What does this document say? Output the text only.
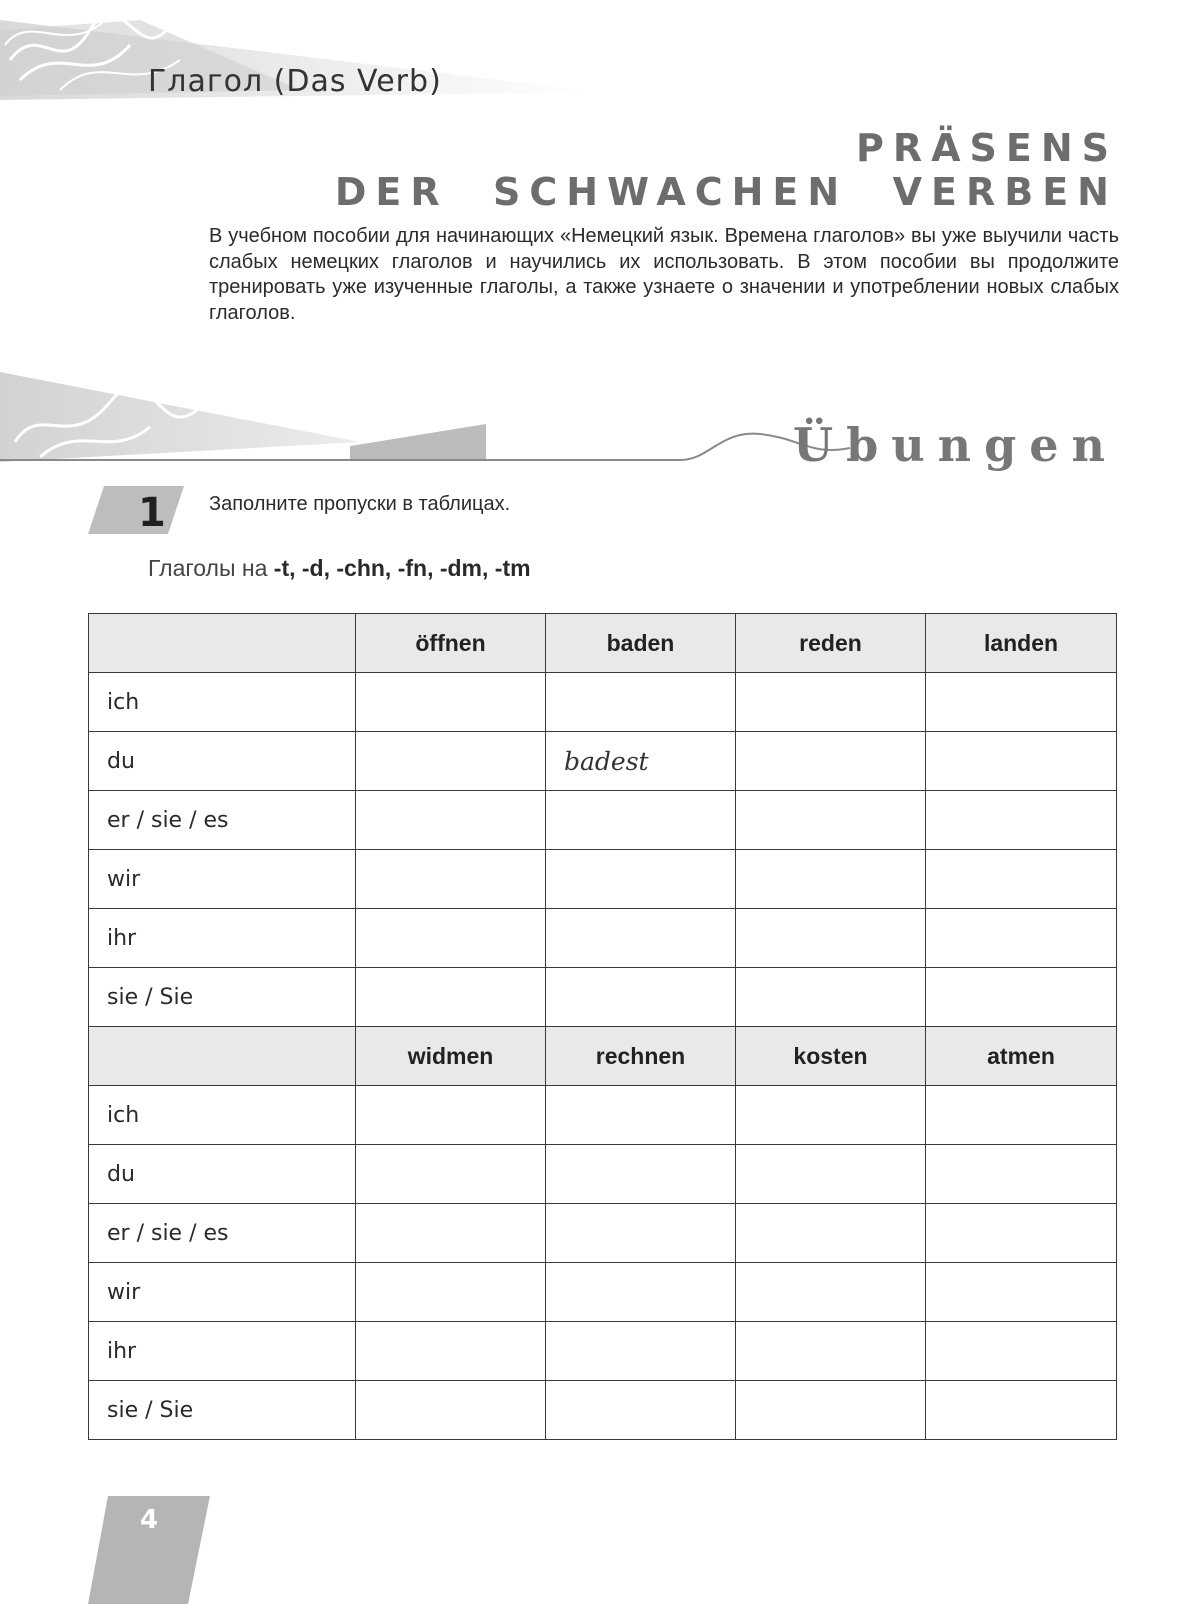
Глагол (Das Verb)
PRÄSENS
DER  SCHWACHEN  VERBEN
В учебном пособии для начинающих «Немецкий язык. Времена глаголов» вы уже выучили часть слабых немецких глаголов и научились их использовать. В этом пособии вы продолжите тренировать уже изученные глаголы, а также узнаете о значении и употреблении новых слабых глаголов.
Übungen
1 Заполните пропуски в таблицах.
Глаголы на -t, -d, -chn, -fn, -dm, -tm
	öffnen	baden	reden	landen
ich				
du		badest		
er / sie / es				
wir				
ihr				
sie / Sie				
	widmen	rechnen	kosten	atmen
ich				
du				
er / sie / es				
wir				
ihr				
sie / Sie				
4
